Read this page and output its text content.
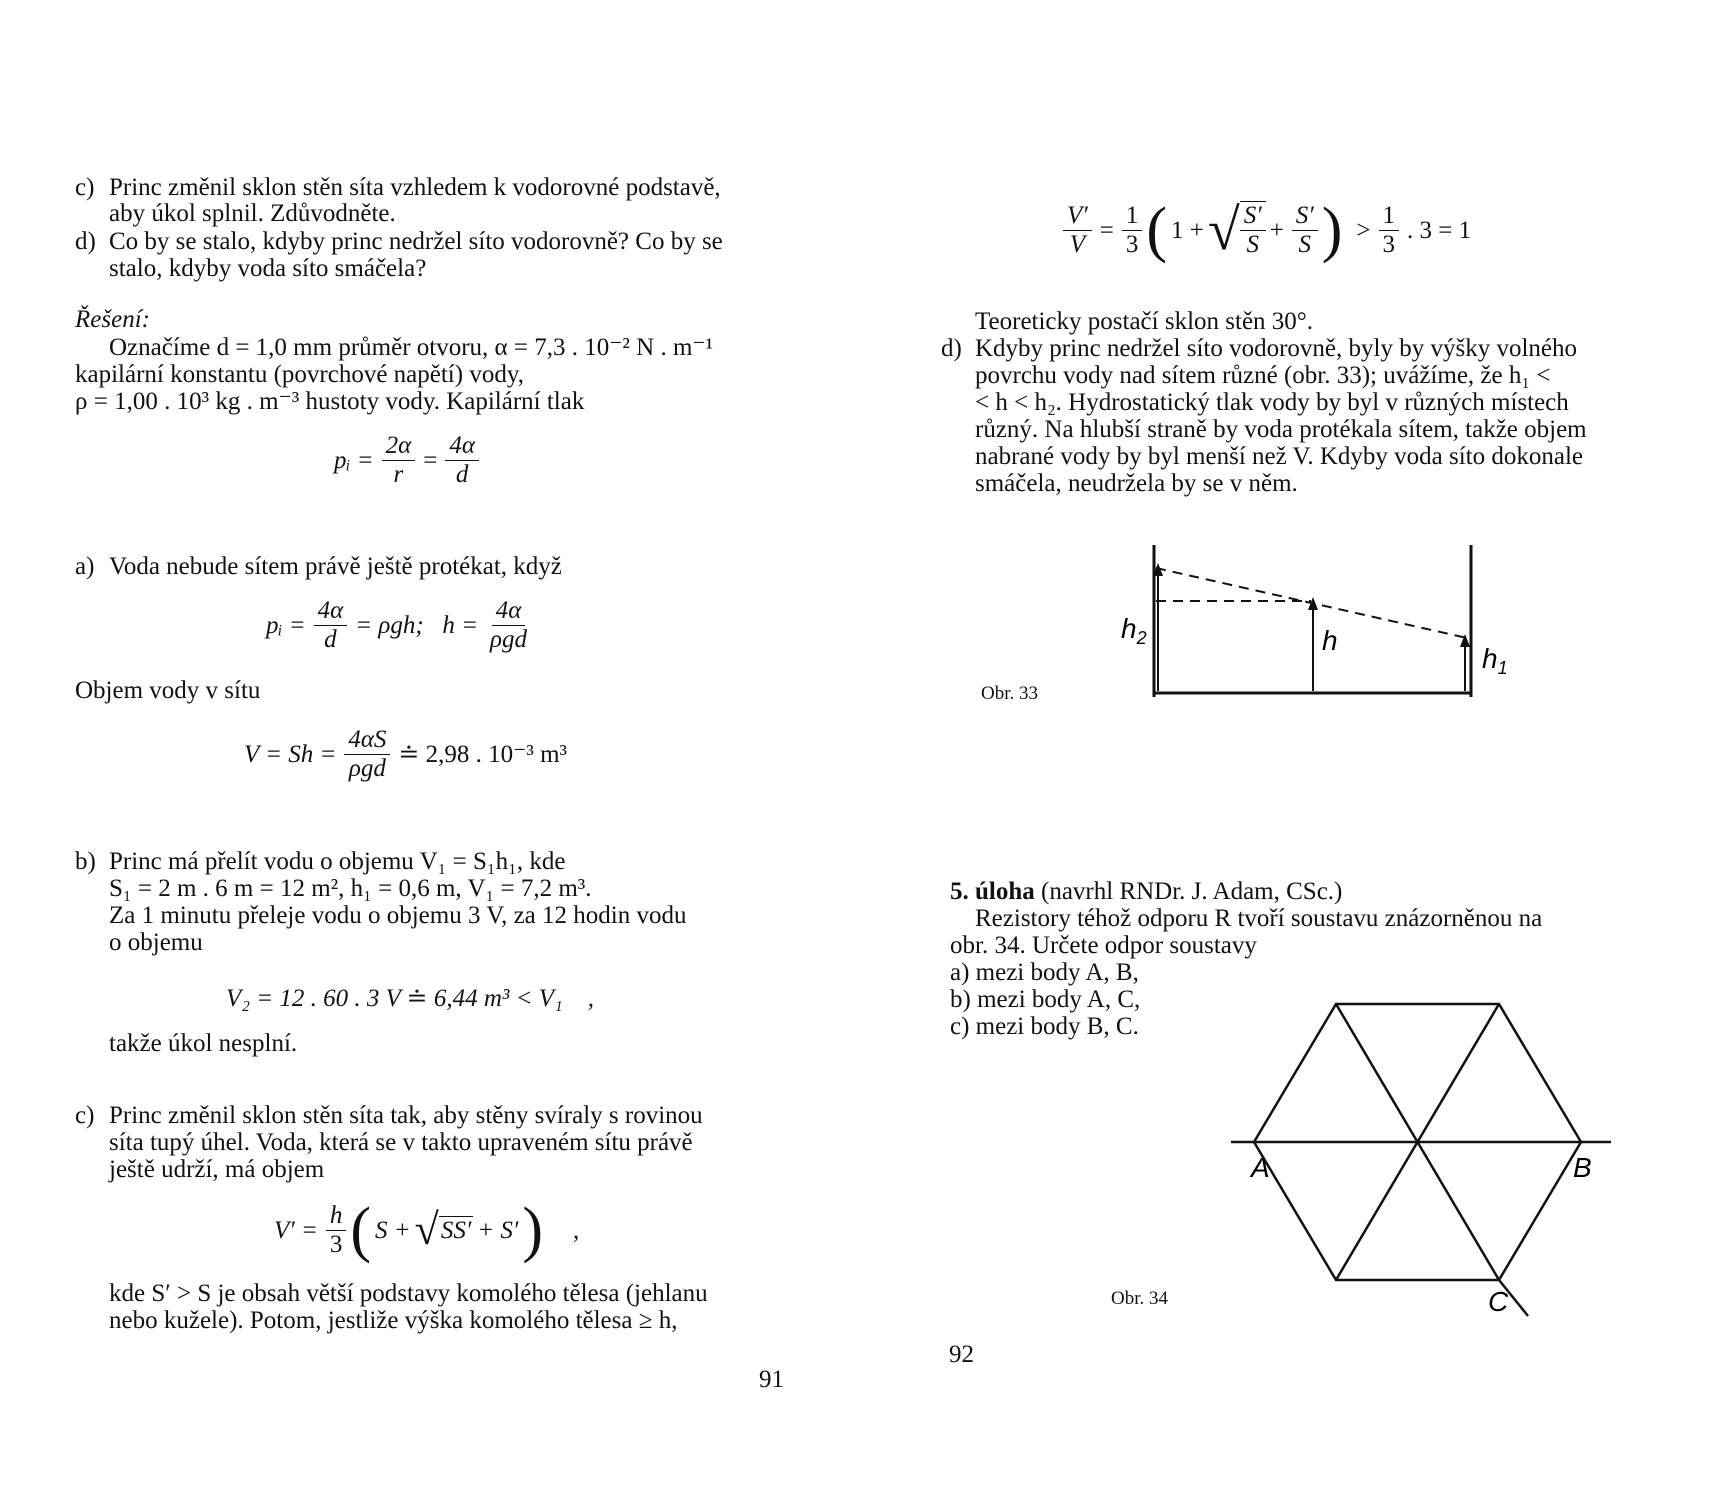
c) Princ změnil sklon stěn síta vzhledem k vodorovné podstavě,
aby úkol splnil. Zdůvodněte.
d) Co by se stalo, kdyby princ nedržel síto vodorovně? Co by se
stalo, kdyby voda síto smáčela?
Řešení:
Označíme d = 1,0 mm průměr otvoru, α = 7,3 . 10⁻² N . m⁻¹
kapilární konstantu (povrchové napětí) vody,
ρ = 1,00 . 10³ kg . m⁻³ hustoty vody. Kapilární tlak
pᵢ = $\frac{2\alpha}{r} = \frac{4\alpha}{d}$
a) Voda nebude sítem právě ještě protékat, když
pᵢ = $\frac{4\alpha}{d} = \rho gh$;   $h = \frac{4\alpha}{\text{ρgd}}$
Objem vody v sítu
$V = Sh = \frac{4\alpha S}{\text{ρgd}}$ ≐ 2,98 . 10⁻³ m³
b) Princ má přelít vodu o objemu V₁ = S₁h₁, kde
S₁ = 2 m . 6 m = 12 m², h₁ = 0,6 m, V₁ = 7,2 m³.
Za 1 minutu přeleje vodu o objemu 3 V, za 12 hodin vodu
o objemu
V₂ = 12 . 60 . 3 V ≐ 6,44 m³ < V₁    ,
takže úkol nesplní.
c) Princ změnil sklon stěn síta tak, aby stěny svíraly s rovinou
síta tupý úhel. Voda, která se v takto upraveném sítu právě
ještě udrží, má objem
$V' = \frac{h}{3}$ ( S + √ SS′ + S′ ) ,
kde S′ > S je obsah větší podstavy komolého tělesa (jehlanu
nebo kužele). Potom, jestliže výška komolého tělesa ≥ h,
91
$\frac{V'}{V} = \frac{1}{3}$ ( 1 + √ $\frac{S'}{S} + \frac{S'}{S}$ ) > $\frac{1}{3}$ . 3 = 1
Teoreticky postačí sklon stěn 30°.
d) Kdyby princ nedržel síto vodorovně, byly by výšky volného
povrchu vody nad sítem různé (obr. 33); uvážíme, že h₁ <
< h < h₂. Hydrostatický tlak vody by byl v různých místech
různý. Na hlubší straně by voda protékala sítem, takže objem
nabrané vody by byl menší než V. Kdyby voda síto dokonale
smáčela, neudržela by se v něm.
$h_2$	h
$h_1$
A	B
C
Obr. 33
5. úloha (navrhl RNDr. J. Adam, CSc.)
Rezistory téhož odporu R tvoří soustavu znázorněnou na
obr. 34. Určete odpor soustavy
a) mezi body A, B,
b) mezi body A, C,
c) mezi body B, C.
Obr. 34
92
